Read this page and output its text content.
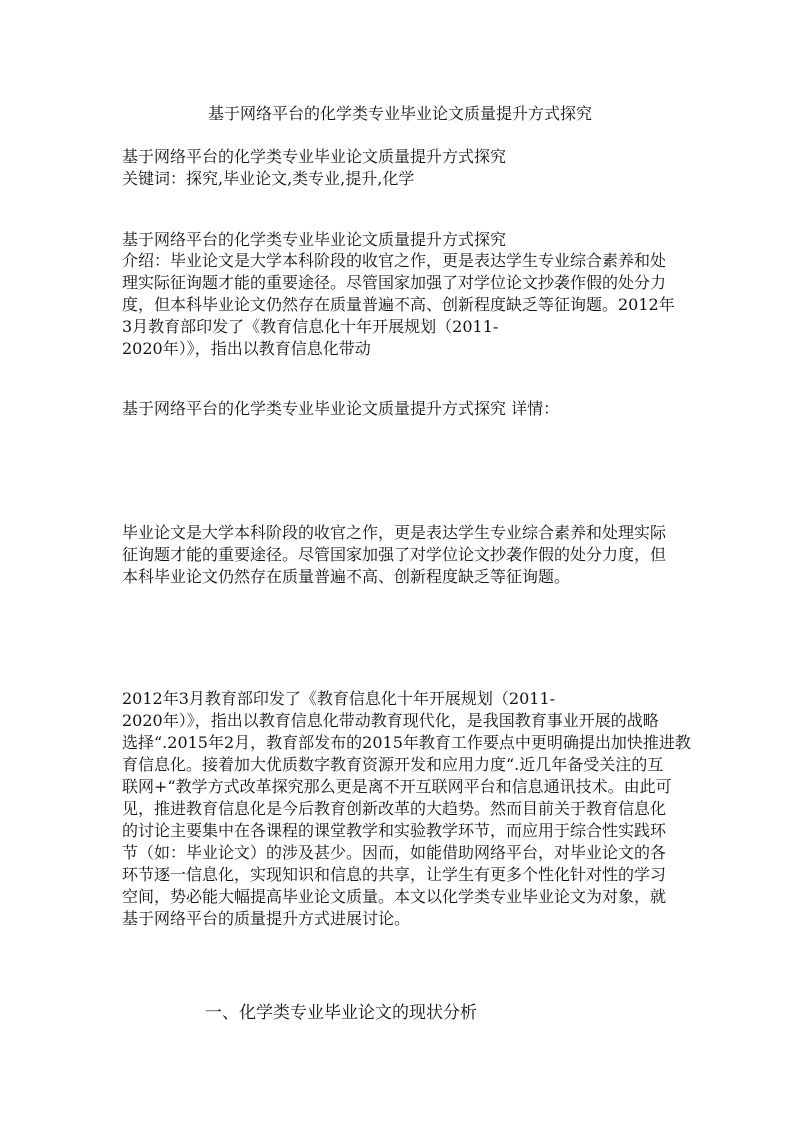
基于网络平台的化学类专业毕业论文质量提升方式探究
基于网络平台的化学类专业毕业论文质量提升方式探究
关键词：探究,毕业论文,类专业,提升,化学
基于网络平台的化学类专业毕业论文质量提升方式探究
介绍：毕业论文是大学本科阶段的收官之作，更是表达学生专业综合素养和处
理实际征询题才能的重要途径。尽管国家加强了对学位论文抄袭作假的处分力
度，但本科毕业论文仍然存在质量普遍不高、创新程度缺乏等征询题。2012年
3月教育部印发了《教育信息化十年开展规划（2011-
2020年）》，指出以教育信息化带动
基于网络平台的化学类专业毕业论文质量提升方式探究 详情：
毕业论文是大学本科阶段的收官之作，更是表达学生专业综合素养和处理实际
征询题才能的重要途径。尽管国家加强了对学位论文抄袭作假的处分力度，但
本科毕业论文仍然存在质量普遍不高、创新程度缺乏等征询题。
2012年3月教育部印发了《教育信息化十年开展规划（2011-
2020年）》，指出以教育信息化带动教育现代化，是我国教育事业开展的战略
选择“.2015年2月，教育部发布的2015年教育工作要点中更明确提出加快推进教
育信息化。接着加大优质数字教育资源开发和应用力度“.近几年备受关注的互
联网+“教学方式改革探究那么更是离不开互联网平台和信息通讯技术。由此可
见，推进教育信息化是今后教育创新改革的大趋势。然而目前关于教育信息化
的讨论主要集中在各课程的课堂教学和实验教学环节，而应用于综合性实践环
节（如：毕业论文）的涉及甚少。因而，如能借助网络平台，对毕业论文的各
环节逐一信息化，实现知识和信息的共享，让学生有更多个性化针对性的学习
空间，势必能大幅提高毕业论文质量。本文以化学类专业毕业论文为对象，就
基于网络平台的质量提升方式进展讨论。
一、化学类专业毕业论文的现状分析
